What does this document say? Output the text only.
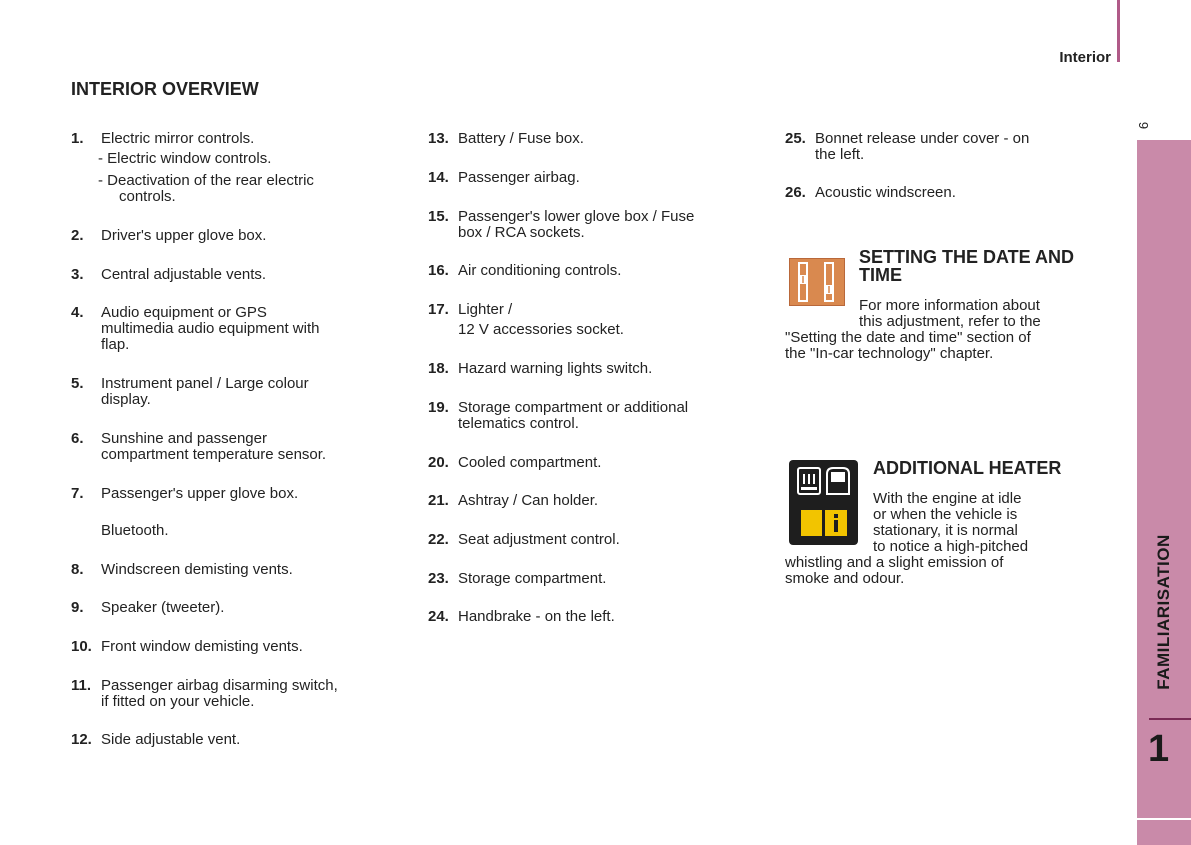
Interior
9
FAMILIARISATION
1
INTERIOR OVERVIEW
1. Electric mirror controls.
- Electric window controls.
- Deactivation of the rear electric
controls.
2. Driver's upper glove box.
3. Central adjustable vents.
4. Audio equipment or GPS
multimedia audio equipment with
flap.
5. Instrument panel / Large colour
display.
6. Sunshine and passenger
compartment temperature sensor.
7. Passenger's upper glove box.
Bluetooth.
8. Windscreen demisting vents.
9. Speaker (tweeter).
10. Front window demisting vents.
11. Passenger airbag disarming switch,
if fitted on your vehicle.
12. Side adjustable vent.
13. Battery / Fuse box.
14. Passenger airbag.
15. Passenger's lower glove box / Fuse
box / RCA sockets.
16. Air conditioning controls.
17. Lighter /
12 V accessories socket.
18. Hazard warning lights switch.
19. Storage compartment or additional
telematics control.
20. Cooled compartment.
21. Ashtray / Can holder.
22. Seat adjustment control.
23. Storage compartment.
24. Handbrake - on the left.
25. Bonnet release under cover - on
the left.
26. Acoustic windscreen.
SETTING THE DATE AND
TIME
For more information about
this adjustment, refer to the
"Setting the date and time" section of
the "In-car technology" chapter.
ADDITIONAL HEATER
With the engine at idle
or when the vehicle is
stationary, it is normal
to notice a high-pitched
whistling and a slight emission of
smoke and odour.
